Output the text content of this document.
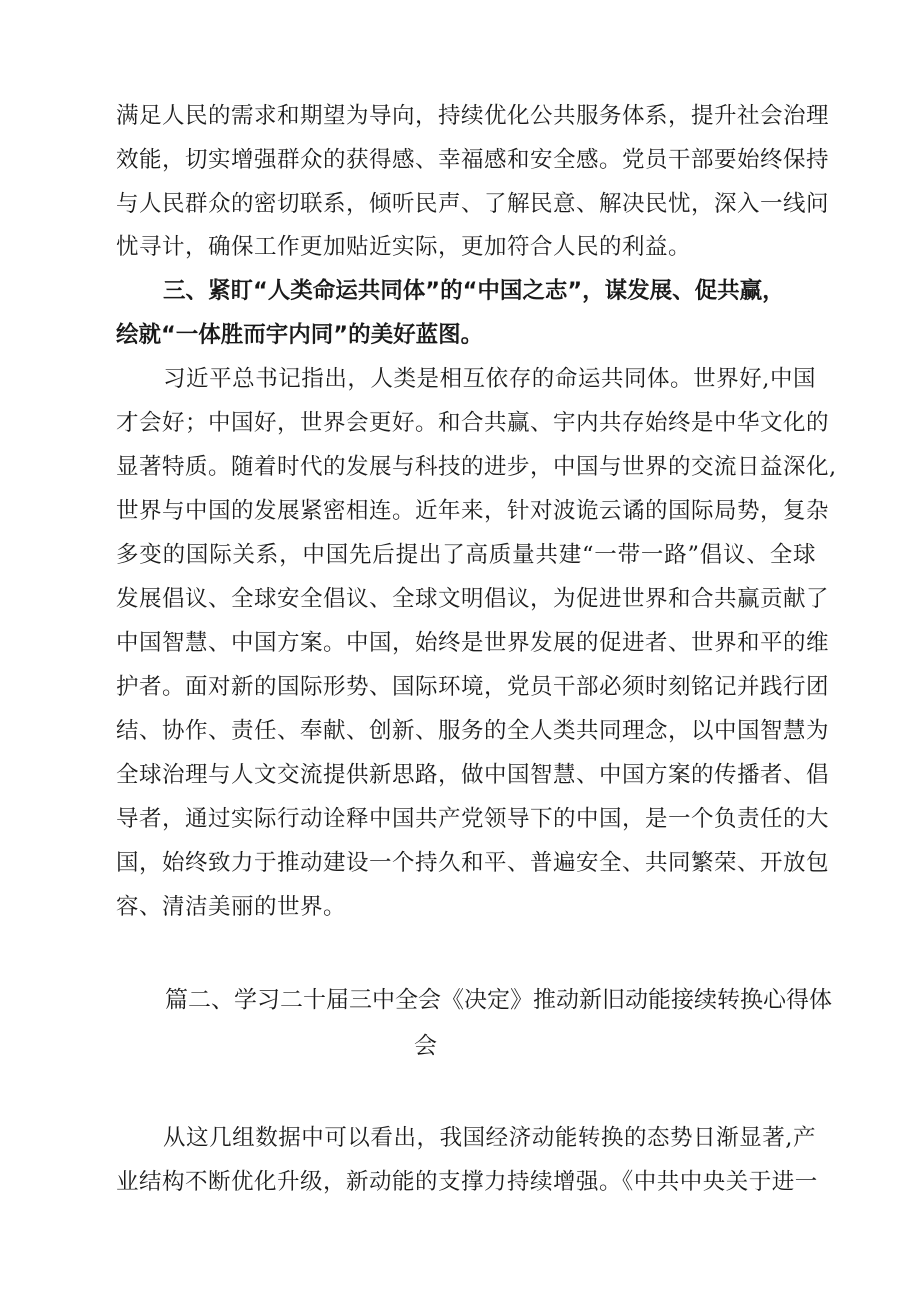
满足人民的需求和期望为导向，持续优化公共服务体系，提升社会治理
效能，切实增强群众的获得感、幸福感和安全感。党员干部要始终保持
与人民群众的密切联系，倾听民声、了解民意、解决民忧，深入一线问
忧寻计，确保工作更加贴近实际，更加符合人民的利益。
三、紧盯“人类命运共同体”的“中国之志”，谋发展、促共赢，
绘就“一体胜而宇内同”的美好蓝图。
习近平总书记指出，人类是相互依存的命运共同体。世界好,中国
才会好；中国好，世界会更好。和合共赢、宇内共存始终是中华文化的
显著特质。随着时代的发展与科技的进步，中国与世界的交流日益深化,
世界与中国的发展紧密相连。近年来，针对波诡云谲的国际局势，复杂
多变的国际关系，中国先后提出了高质量共建“一带一路”倡议、全球
发展倡议、全球安全倡议、全球文明倡议，为促进世界和合共赢贡献了
中国智慧、中国方案。中国，始终是世界发展的促进者、世界和平的维
护者。面对新的国际形势、国际环境，党员干部必须时刻铭记并践行团
结、协作、责任、奉献、创新、服务的全人类共同理念，以中国智慧为
全球治理与人文交流提供新思路，做中国智慧、中国方案的传播者、倡
导者，通过实际行动诠释中国共产党领导下的中国，是一个负责任的大
国，始终致力于推动建设一个持久和平、普遍安全、共同繁荣、开放包
容、清洁美丽的世界。
篇二、学习二十届三中全会《决定》推动新旧动能接续转换心得体
会
从这几组数据中可以看出，我国经济动能转换的态势日渐显著,产
业结构不断优化升级，新动能的支撑力持续增强。《中共中央关于进一
